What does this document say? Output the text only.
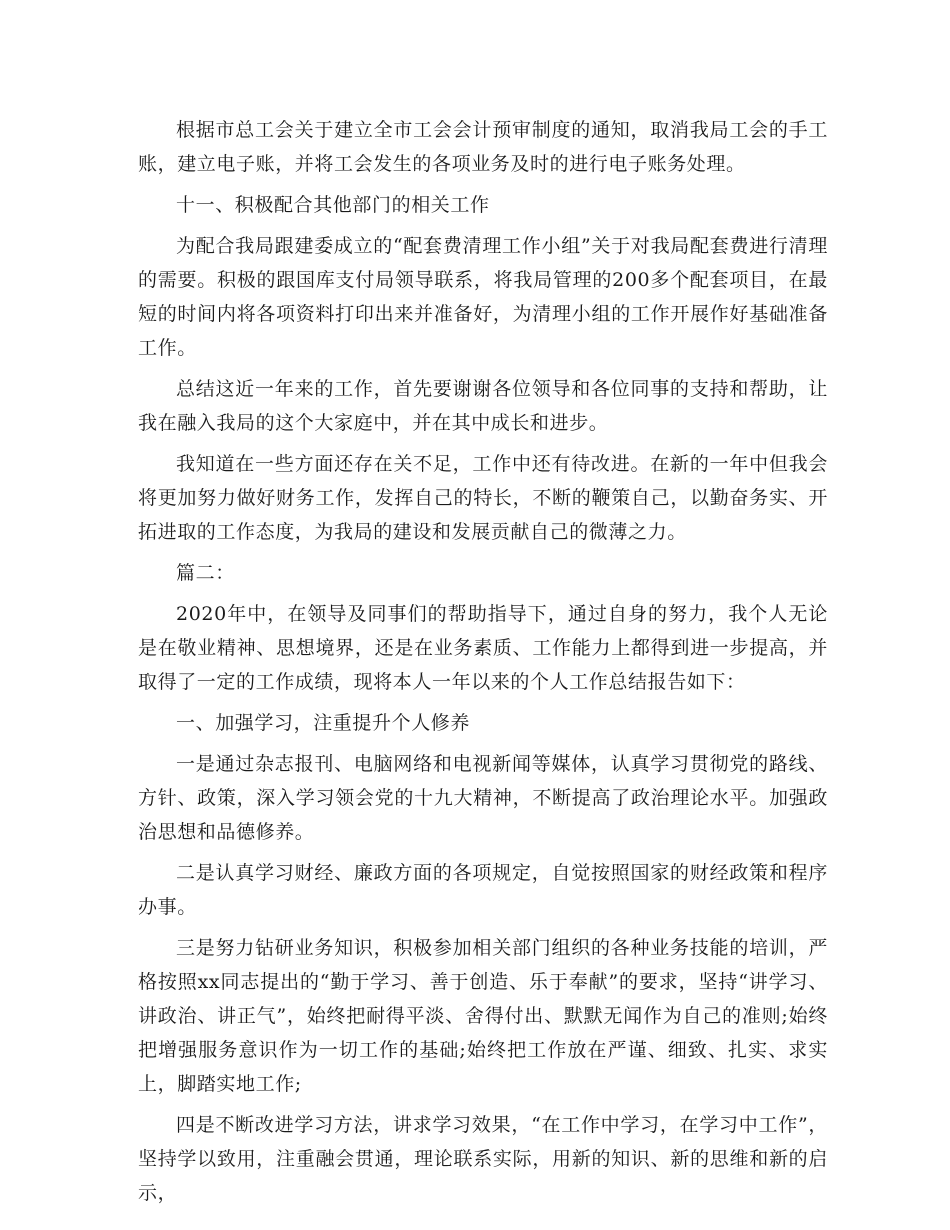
根据市总工会关于建立全市工会会计预审制度的通知，取消我局工会的手工账，建立电子账，并将工会发生的各项业务及时的进行电子账务处理。

十一、积极配合其他部门的相关工作

为配合我局跟建委成立的“配套费清理工作小组”关于对我局配套费进行清理的需要。积极的跟国库支付局领导联系，将我局管理的200多个配套项目，在最短的时间内将各项资料打印出来并准备好，为清理小组的工作开展作好基础准备工作。

总结这近一年来的工作，首先要谢谢各位领导和各位同事的支持和帮助，让我在融入我局的这个大家庭中，并在其中成长和进步。

我知道在一些方面还存在关不足，工作中还有待改进。在新的一年中但我会将更加努力做好财务工作，发挥自己的特长，不断的鞭策自己，以勤奋务实、开拓进取的工作态度，为我局的建设和发展贡献自己的微薄之力。

篇二：

2020年中，在领导及同事们的帮助指导下，通过自身的努力，我个人无论是在敬业精神、思想境界，还是在业务素质、工作能力上都得到进一步提高，并取得了一定的工作成绩，现将本人一年以来的个人工作总结报告如下：

一、加强学习，注重提升个人修养

一是通过杂志报刊、电脑网络和电视新闻等媒体，认真学习贯彻党的路线、方针、政策，深入学习领会党的十九大精神，不断提高了政治理论水平。加强政治思想和品德修养。

二是认真学习财经、廉政方面的各项规定，自觉按照国家的财经政策和程序办事。

三是努力钻研业务知识，积极参加相关部门组织的各种业务技能的培训，严格按照xx同志提出的“勤于学习、善于创造、乐于奉献”的要求，坚持“讲学习、讲政治、讲正气”，始终把耐得平淡、舍得付出、默默无闻作为自己的准则;始终把增强服务意识作为一切工作的基础;始终把工作放在严谨、细致、扎实、求实上，脚踏实地工作;

四是不断改进学习方法，讲求学习效果，“在工作中学习，在学习中工作”，坚持学以致用，注重融会贯通，理论联系实际，用新的知识、新的思维和新的启示，
